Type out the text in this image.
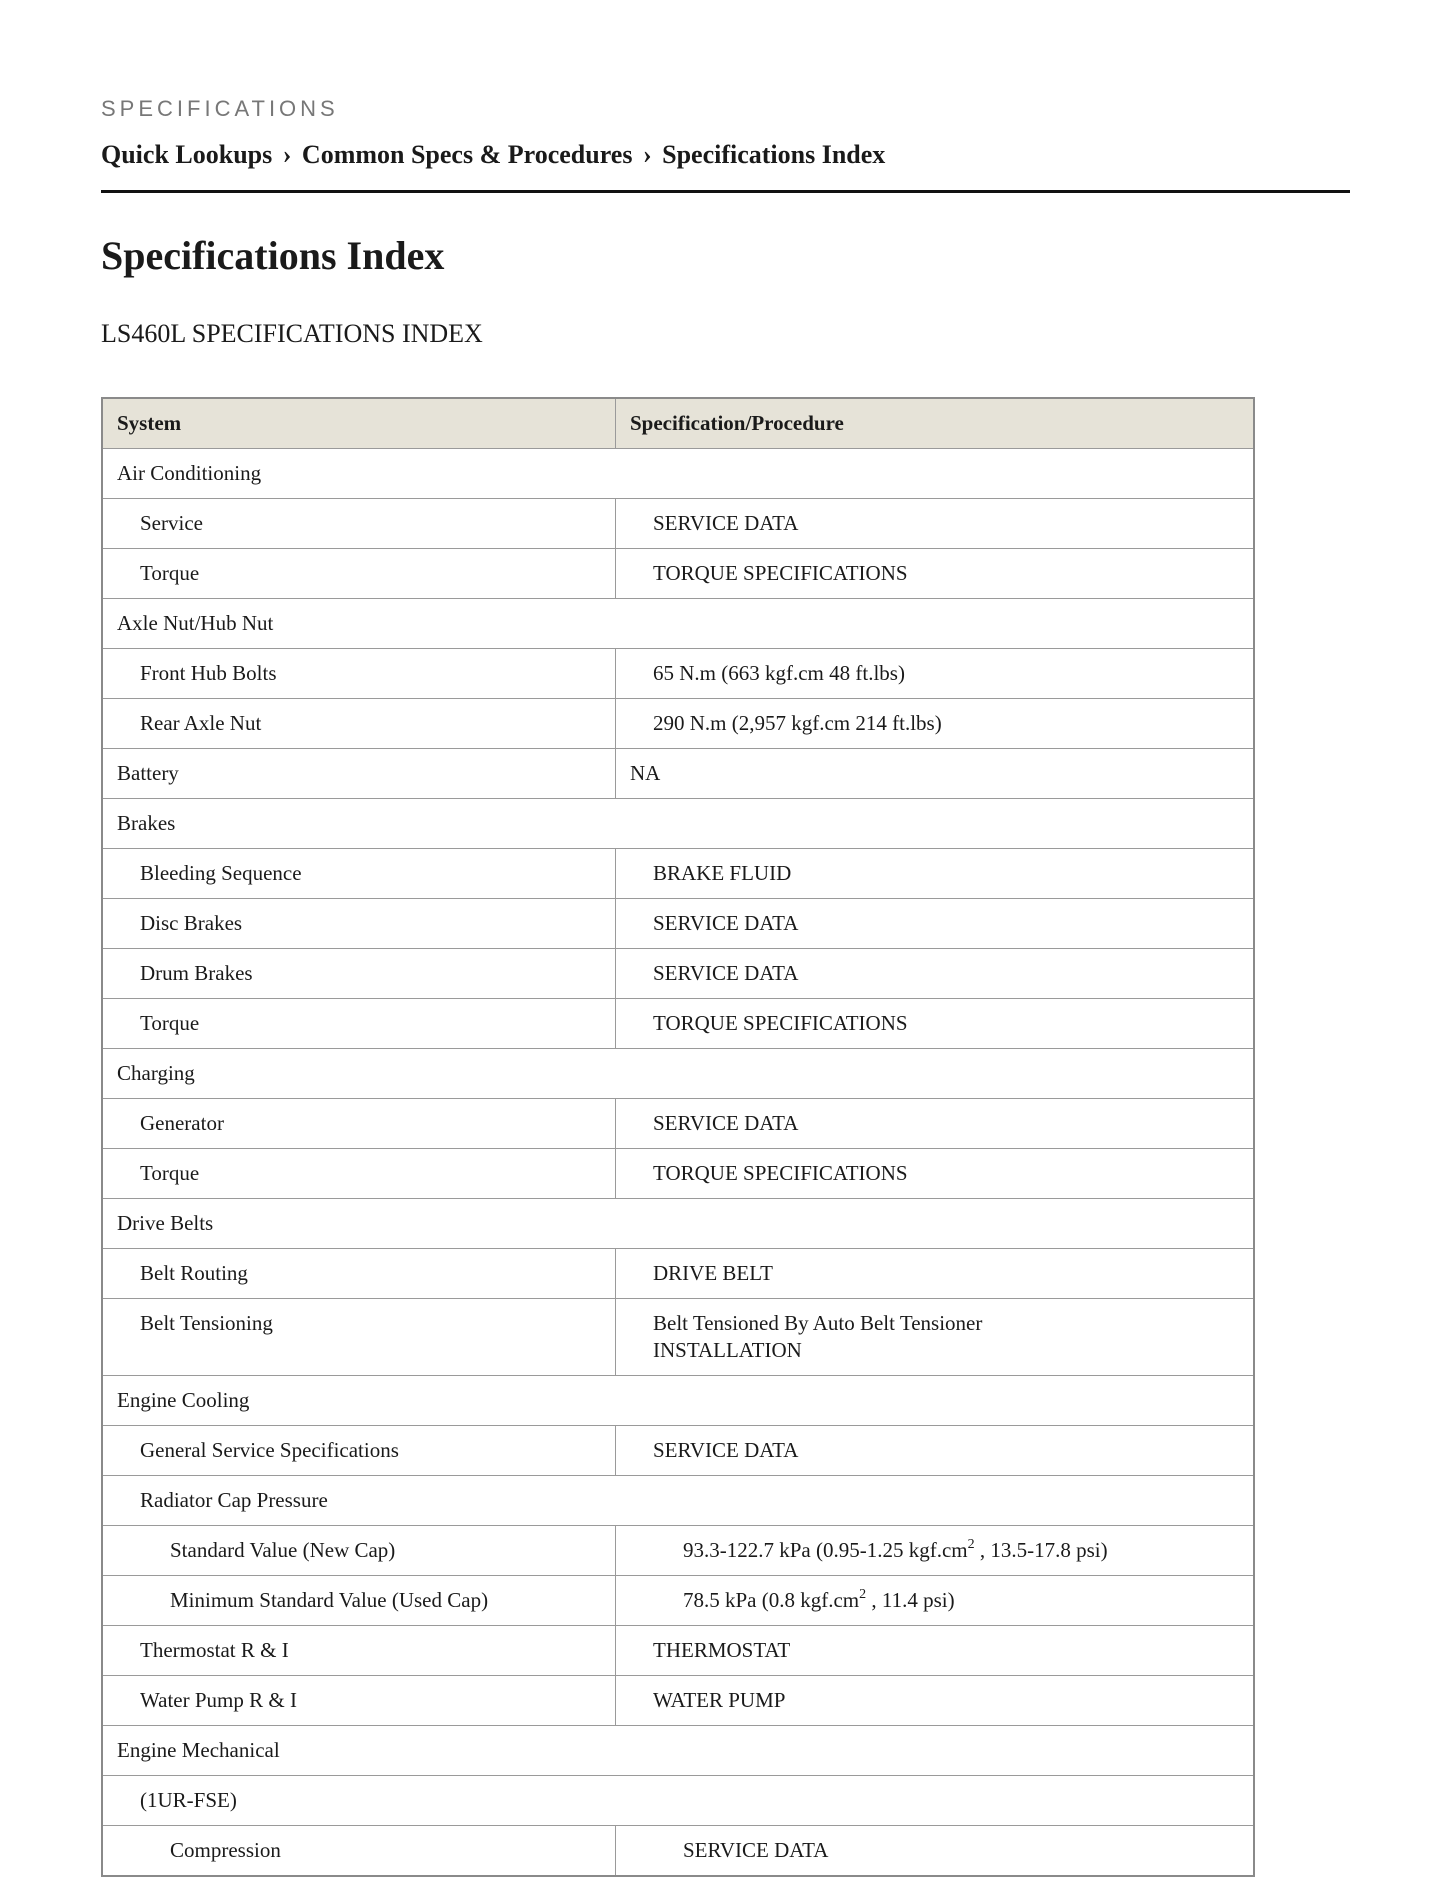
SPECIFICATIONS
Quick Lookups › Common Specs & Procedures › Specifications Index
Specifications Index
LS460L SPECIFICATIONS INDEX
System	Specification/Procedure
Air Conditioning	
Service	SERVICE DATA
Torque	TORQUE SPECIFICATIONS
Axle Nut/Hub Nut	
Front Hub Bolts	65 N.m (663 kgf.cm 48 ft.lbs)
Rear Axle Nut	290 N.m (2,957 kgf.cm 214 ft.lbs)
Battery	NA
Brakes	
Bleeding Sequence	BRAKE FLUID
Disc Brakes	SERVICE DATA
Drum Brakes	SERVICE DATA
Torque	TORQUE SPECIFICATIONS
Charging	
Generator	SERVICE DATA
Torque	TORQUE SPECIFICATIONS
Drive Belts	
Belt Routing	DRIVE BELT
Belt Tensioning	Belt Tensioned By Auto Belt Tensioner
INSTALLATION
Engine Cooling	
General Service Specifications	SERVICE DATA
Radiator Cap Pressure	
Standard Value (New Cap)	93.3-122.7 kPa (0.95-1.25 $kgf.cm^2$ , 13.5-17.8 psi)
Minimum Standard Value (Used Cap)	78.5 kPa (0.8 $kgf.cm^2$ , 11.4 psi)
Thermostat R & I	THERMOSTAT
Water Pump R & I	WATER PUMP
Engine Mechanical	
(1UR-FSE)	
Compression	SERVICE DATA
